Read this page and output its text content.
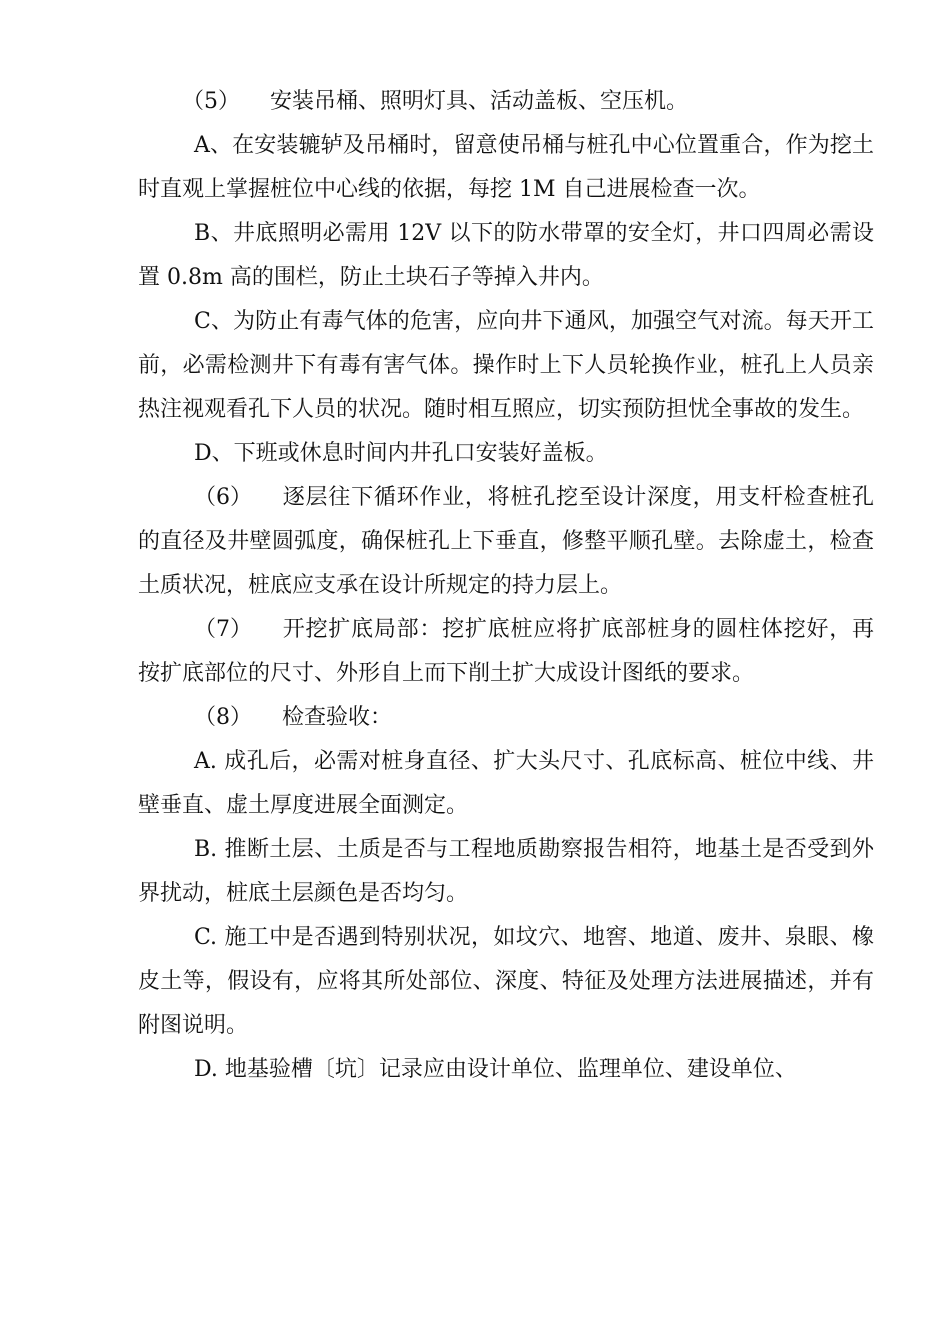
（5） 安装吊桶、照明灯具、活动盖板、空压机。

A、在安装辘轳及吊桶时，留意使吊桶与桩孔中心位置重合，作为挖土时直观上掌握桩位中心线的依据，每挖 1M 自己进展检查一次。

B、井底照明必需用 12V 以下的防水带罩的安全灯，井口四周必需设置 0.8m 高的围栏，防止土块石子等掉入井内。

C、为防止有毒气体的危害，应向井下通风，加强空气对流。每天开工前，必需检测井下有毒有害气体。操作时上下人员轮换作业，桩孔上人员亲热注视观看孔下人员的状况。随时相互照应，切实预防担忧全事故的发生。

D、下班或休息时间内井孔口安装好盖板。

（6） 逐层往下循环作业，将桩孔挖至设计深度，用支杆检查桩孔的直径及井壁圆弧度，确保桩孔上下垂直，修整平顺孔壁。去除虚土，检查土质状况，桩底应支承在设计所规定的持力层上。

（7） 开挖扩底局部：挖扩底桩应将扩底部桩身的圆柱体挖好，再按扩底部位的尺寸、外形自上而下削土扩大成设计图纸的要求。

（8） 检查验收：

A. 成孔后，必需对桩身直径、扩大头尺寸、孔底标高、桩位中线、井壁垂直、虚土厚度进展全面测定。

B. 推断土层、土质是否与工程地质勘察报告相符，地基土是否受到外界扰动，桩底土层颜色是否均匀。

C. 施工中是否遇到特别状况，如坟穴、地窖、地道、废井、泉眼、橡皮土等，假设有，应将其所处部位、深度、特征及处理方法进展描述，并有附图说明。

D. 地基验槽〔坑〕记录应由设计单位、监理单位、建设单位、
